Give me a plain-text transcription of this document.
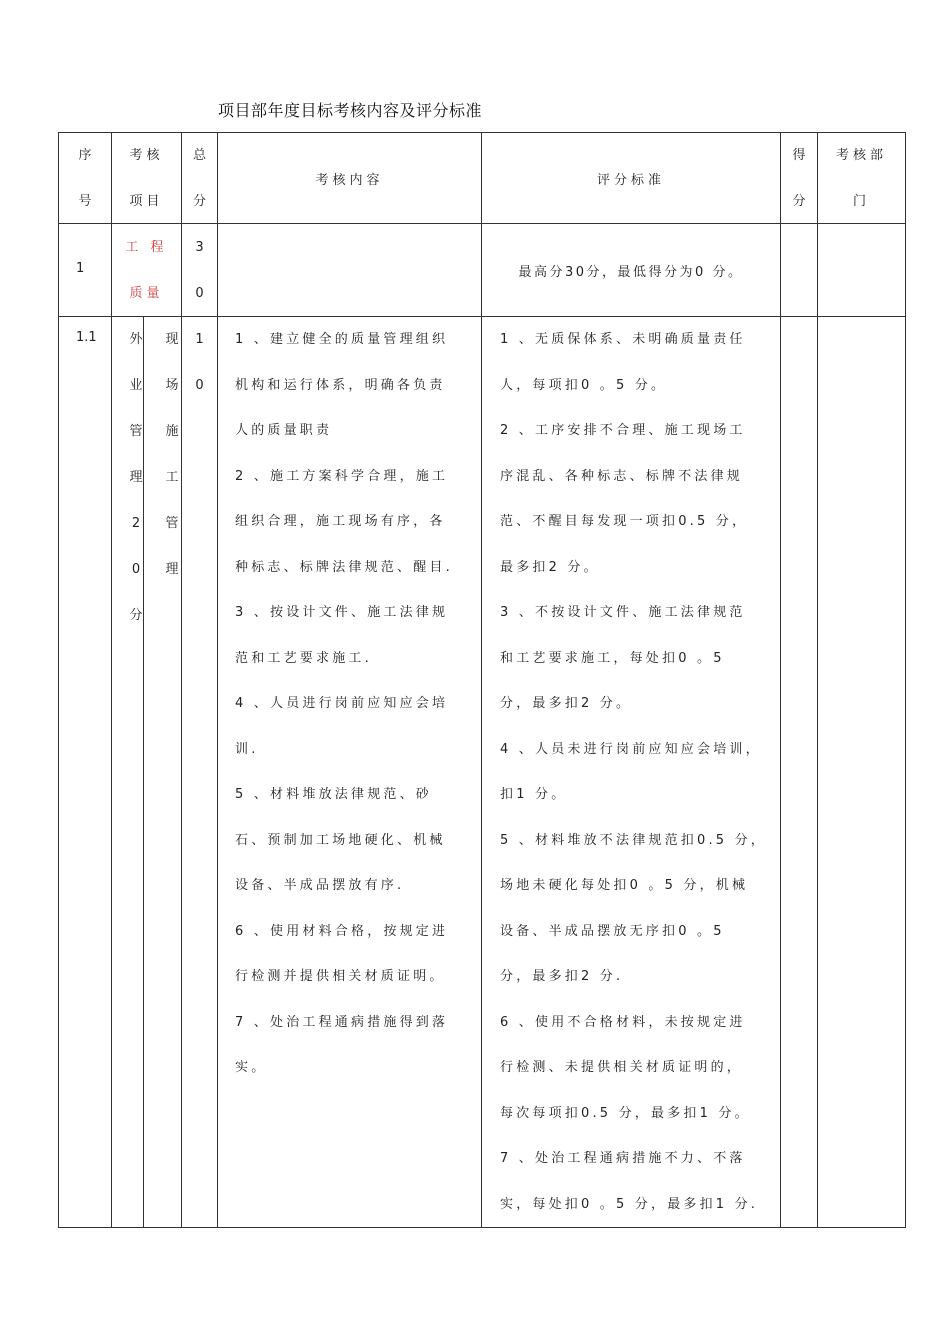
项目部年度目标考核内容及评分标准
序
号
考核
项目
总
分
考核内容	评分标准
得
分
考核部
门
1
工 程
质量
3
0
最高分30分，最低得分为0 分。
1.1	外
业
管
理
2
0
分
现
场
施
工
管
理
1
0
1 、建立健全的质量管理组织
机构和运行体系，明确各负责
人的质量职责
2 、施工方案科学合理，施工
组织合理，施工现场有序，各
种标志、标牌法律规范、醒目.
3 、按设计文件、施工法律规
范和工艺要求施工.
4 、人员进行岗前应知应会培
训.
5 、材料堆放法律规范、砂
石、预制加工场地硬化、机械
设备、半成品摆放有序.
6 、使用材料合格，按规定进
行检测并提供相关材质证明。
7 、处治工程通病措施得到落
实。
1 、无质保体系、未明确质量责任
人，每项扣0 。5 分。
2 、工序安排不合理、施工现场工
序混乱、各种标志、标牌不法律规
范、不醒目每发现一项扣0.5 分，
最多扣2 分。
3 、不按设计文件、施工法律规范
和工艺要求施工，每处扣0 。5
分，最多扣2 分。
4 、人员未进行岗前应知应会培训，
扣1 分。
5 、材料堆放不法律规范扣0.5 分，
场地未硬化每处扣0 。5 分，机械
设备、半成品摆放无序扣0 。5
分，最多扣2 分.
6 、使用不合格材料，未按规定进
行检测、未提供相关材质证明的，
每次每项扣0.5 分，最多扣1 分。
7 、处治工程通病措施不力、不落
实，每处扣0 。5 分，最多扣1 分.
